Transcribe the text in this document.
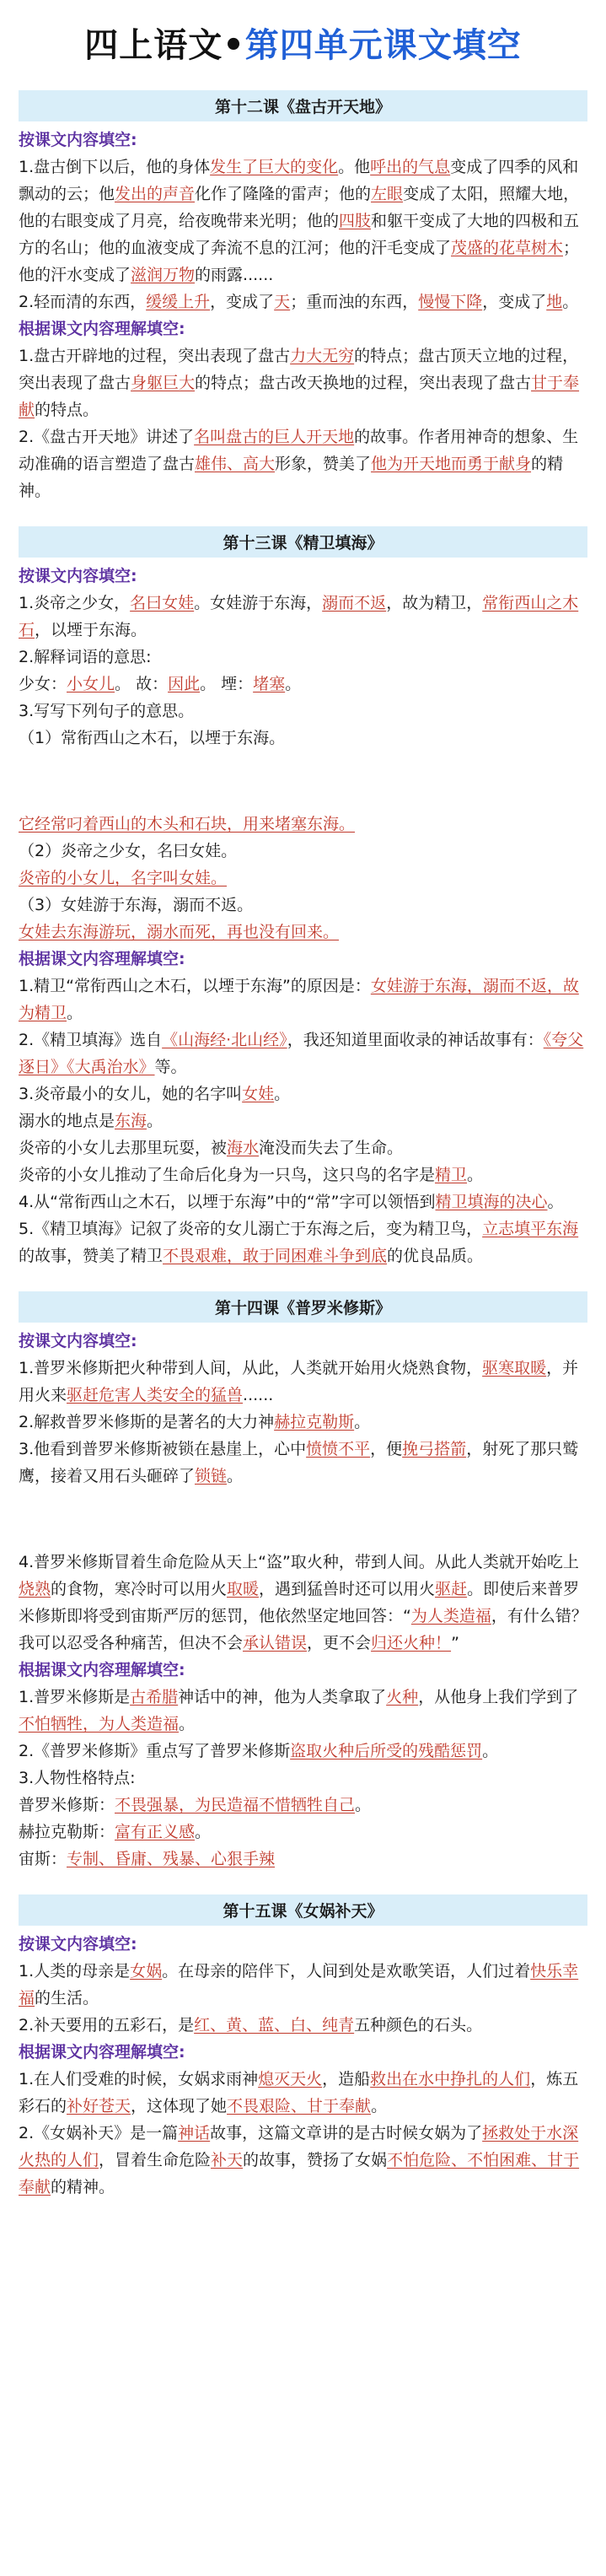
四上语文•第四单元课文填空
第十二课《盘古开天地》
按课文内容填空:

1.盘古倒下以后，他的身体发生了巨大的变化。他呼出的气息变成了四季的风和飘动的云；他发出的声音化作了隆隆的雷声；他的左眼变成了太阳，照耀大地，他的右眼变成了月亮，给夜晚带来光明；他的四肢和躯干变成了大地的四极和五方的名山；他的血液变成了奔流不息的江河；他的汗毛变成了茂盛的花草树木；他的汗水变成了滋润万物的雨露......

2.轻而清的东西，缓缓上升，变成了天；重而浊的东西，慢慢下降，变成了地。

根据课文内容理解填空:

1.盘古开辟地的过程，突出表现了盘古力大无穷的特点；盘古顶天立地的过程，突出表现了盘古身躯巨大的特点；盘古改天换地的过程，突出表现了盘古甘于奉献的特点。

2.《盘古开天地》讲述了名叫盘古的巨人开天地的故事。作者用神奇的想象、生动准确的语言塑造了盘古雄伟、高大形象，赞美了他为开天地而勇于献身的精神。

第十三课《精卫填海》
按课文内容填空:

1.炎帝之少女，名曰女娃。女娃游于东海，溺而不返，故为精卫，常衔西山之木石，以堙于东海。

2.解释词语的意思:

少女：小女儿。 故：因此。 堙：堵塞。

3.写写下列句子的意思。

（1）常衔西山之木石，以堙于东海。

它经常叼着西山的木头和石块，用来堵塞东海。

（2）炎帝之少女，名曰女娃。

炎帝的小女儿，名字叫女娃。

（3）女娃游于东海，溺而不返。

女娃去东海游玩，溺水而死，再也没有回来。

根据课文内容理解填空:

1.精卫“常衔西山之木石，以堙于东海”的原因是：女娃游于东海，溺而不返，故为精卫。

2.《精卫填海》选自《山海经·北山经》，我还知道里面收录的神话故事有：《夸父逐日》《大禹治水》等。

3.炎帝最小的女儿，她的名字叫女娃。

溺水的地点是东海。

炎帝的小女儿去那里玩耍，被海水淹没而失去了生命。

炎帝的小女儿推动了生命后化身为一只鸟，这只鸟的名字是精卫。

4.从“常衔西山之木石，以堙于东海”中的“常”字可以领悟到精卫填海的决心。

5.《精卫填海》记叙了炎帝的女儿溺亡于东海之后，变为精卫鸟，立志填平东海的故事，赞美了精卫不畏艰难，敢于同困难斗争到底的优良品质。

第十四课《普罗米修斯》
按课文内容填空:

1.普罗米修斯把火种带到人间，从此，人类就开始用火烧熟食物，驱寒取暖，并用火来驱赶危害人类安全的猛兽......

2.解救普罗米修斯的是著名的大力神赫拉克勒斯。

3.他看到普罗米修斯被锁在悬崖上，心中愤愤不平，便挽弓搭箭，射死了那只鹫鹰，接着又用石头砸碎了锁链。

4.普罗米修斯冒着生命危险从天上“盗”取火种，带到人间。从此人类就开始吃上烧熟的食物，寒冷时可以用火取暖，遇到猛兽时还可以用火驱赶。即使后来普罗米修斯即将受到宙斯严厉的惩罚，他依然坚定地回答：“为人类造福，有什么错？我可以忍受各种痛苦，但决不会承认错误，更不会归还火种！”

根据课文内容理解填空:

1.普罗米修斯是古希腊神话中的神，他为人类拿取了火种，从他身上我们学到了不怕牺牲，为人类造福。

2.《普罗米修斯》重点写了普罗米修斯盗取火种后所受的残酷惩罚。

3.人物性格特点:

普罗米修斯：不畏强暴，为民造福不惜牺牲自己。

赫拉克勒斯：富有正义感。

宙斯：专制、昏庸、残暴、心狠手辣

第十五课《女娲补天》
按课文内容填空:

1.人类的母亲是女娲。在母亲的陪伴下，人间到处是欢歌笑语，人们过着快乐幸福的生活。

2.补天要用的五彩石，是红、黄、蓝、白、纯青五种颜色的石头。

根据课文内容理解填空:

1.在人们受难的时候，女娲求雨神熄灭天火，造船救出在水中挣扎的人们，炼五彩石的补好苍天，这体现了她不畏艰险、甘于奉献。

2.《女娲补天》是一篇神话故事，这篇文章讲的是古时候女娲为了拯救处于水深火热的人们，冒着生命危险补天的故事，赞扬了女娲不怕危险、不怕困难、甘于奉献的精神。
